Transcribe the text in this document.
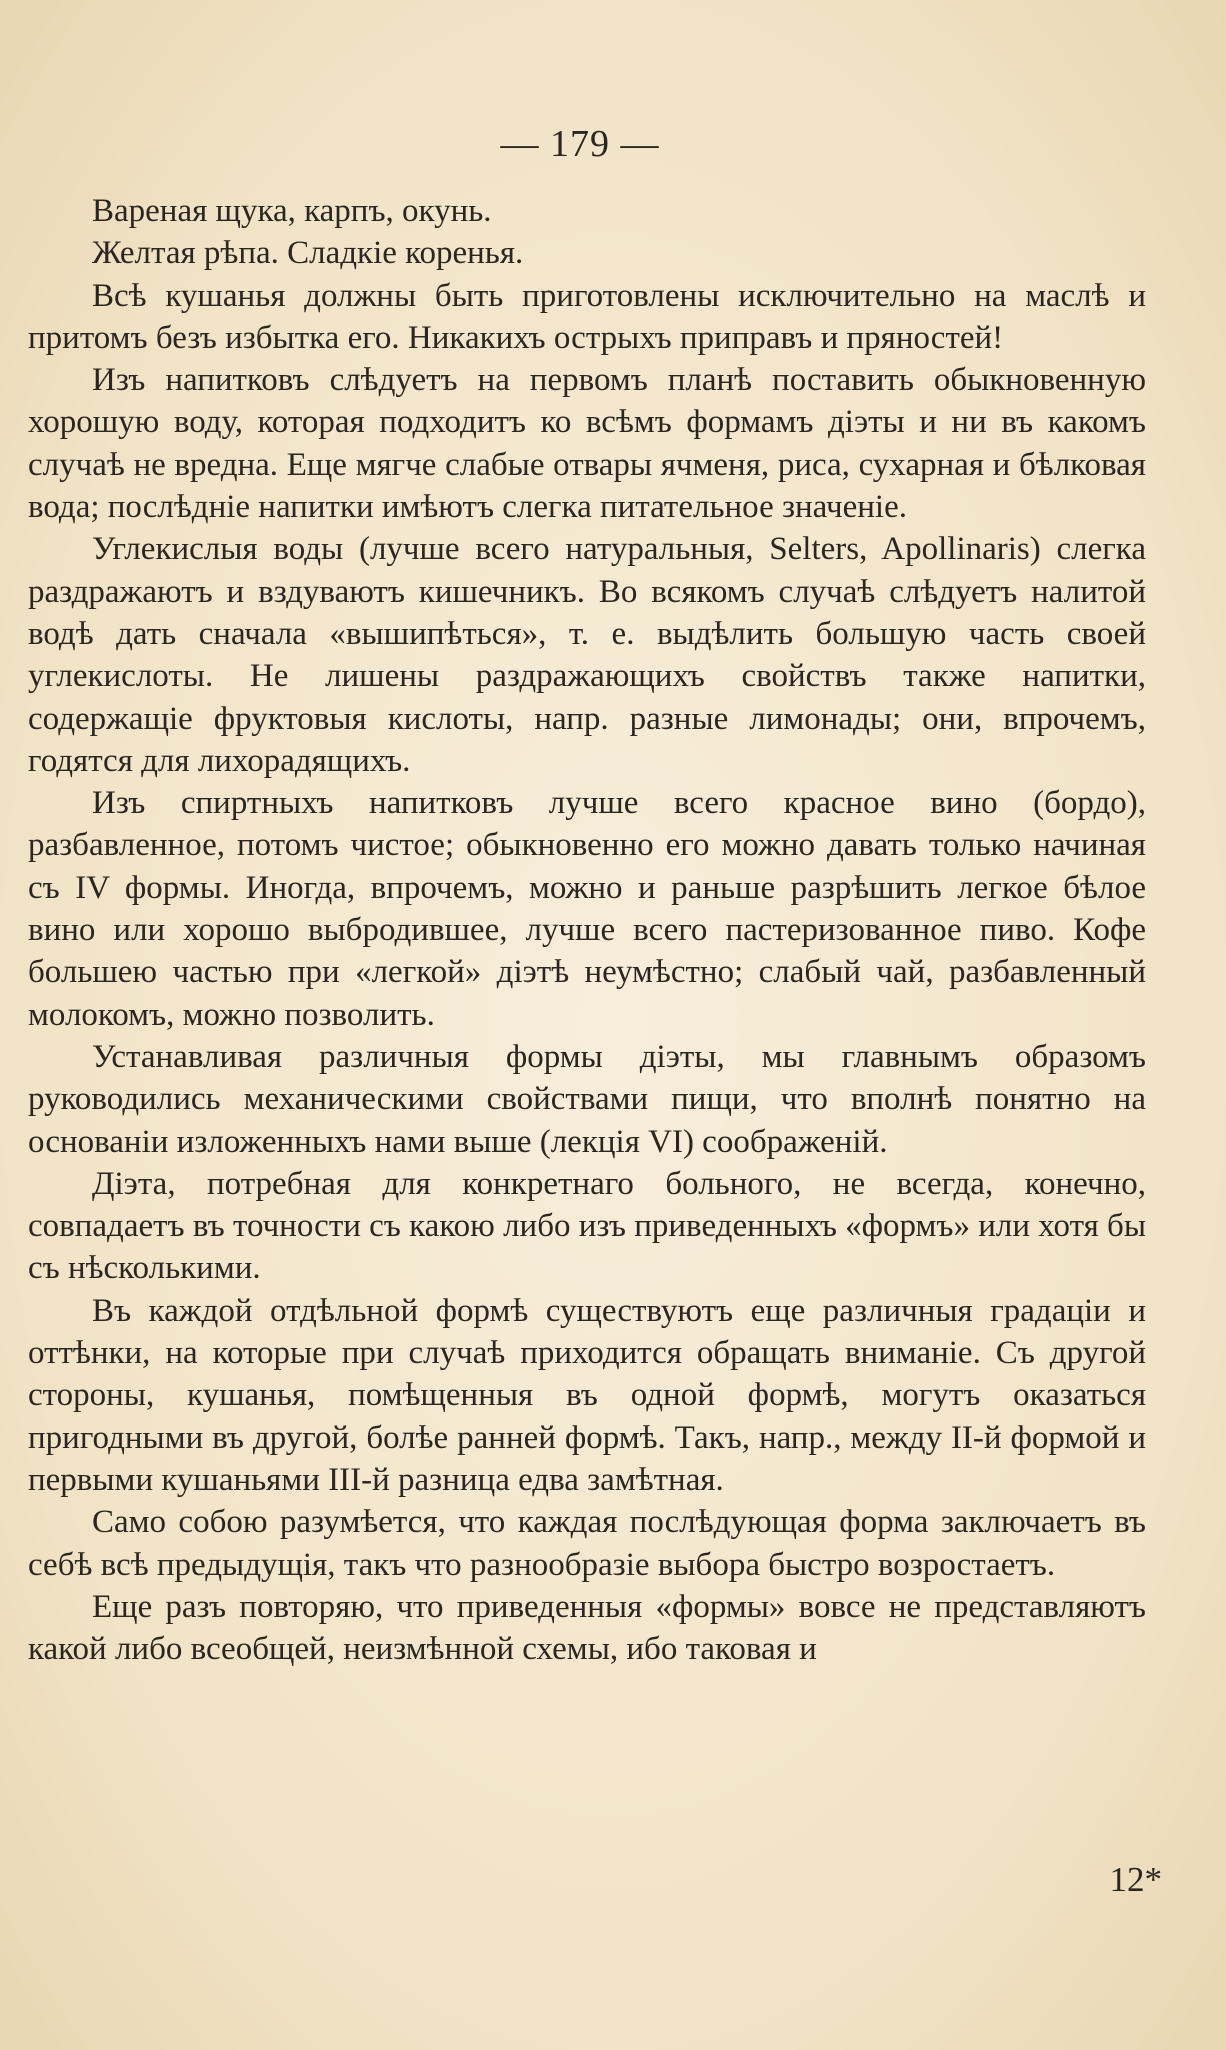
— 179 —

Вареная щука, карпъ, окунь.

Желтая рѣпа. Сладкіе коренья.

Всѣ кушанья должны быть приготовлены исключительно на маслѣ и притомъ безъ избытка его. Никакихъ острыхъ приправъ и пряностей!

Изъ напитковъ слѣдуетъ на первомъ планѣ поставить обыкновенную хорошую воду, которая подходитъ ко всѣмъ формамъ діэты и ни въ какомъ случаѣ не вредна. Еще мягче слабые отвары ячменя, риса, сухарная и бѣлковая вода; послѣдніе напитки имѣютъ слегка питательное значеніе.

Углекислыя воды (лучше всего натуральныя, Selters, Apollinaris) слегка раздражаютъ и вздуваютъ кишечникъ. Во всякомъ случаѣ слѣдуетъ налитой водѣ дать сначала «вышипѣться», т. е. выдѣлить большую часть своей углекислоты. Не лишены раздражающихъ свойствъ также напитки, содержащіе фруктовыя кислоты, напр. разные лимонады; они, впрочемъ, годятся для лихорадящихъ.

Изъ спиртныхъ напитковъ лучше всего красное вино (бордо), разбавленное, потомъ чистое; обыкновенно его можно давать только начиная съ IV формы. Иногда, впрочемъ, можно и раньше разрѣшить легкое бѣлое вино или хорошо выбродившее, лучше всего пастеризованное пиво. Кофе большею частью при «легкой» діэтѣ неумѣстно; слабый чай, разбавленный молокомъ, можно позволить.

Устанавливая различныя формы діэты, мы главнымъ образомъ руководились механическими свойствами пищи, что вполнѣ понятно на основаніи изложенныхъ нами выше (лекція VI) соображеній.

Діэта, потребная для конкретнаго больного, не всегда, конечно, совпадаетъ въ точности съ какою либо изъ приведенныхъ «формъ» или хотя бы съ нѣсколькими.

Въ каждой отдѣльной формѣ существуютъ еще различныя градаціи и оттѣнки, на которые при случаѣ приходится обращать вниманіе. Съ другой стороны, кушанья, помѣщенныя въ одной формѣ, могутъ оказаться пригодными въ другой, болѣе ранней формѣ. Такъ, напр., между II-й формой и первыми кушаньями III-й разница едва замѣтная.

Само собою разумѣется, что каждая послѣдующая форма заключаетъ въ себѣ всѣ предыдущія, такъ что разнообразіе выбора быстро возростаетъ.

Еще разъ повторяю, что приведенныя «формы» вовсе не представляютъ какой либо всеобщей, неизмѣнной схемы, ибо таковая и

12*
